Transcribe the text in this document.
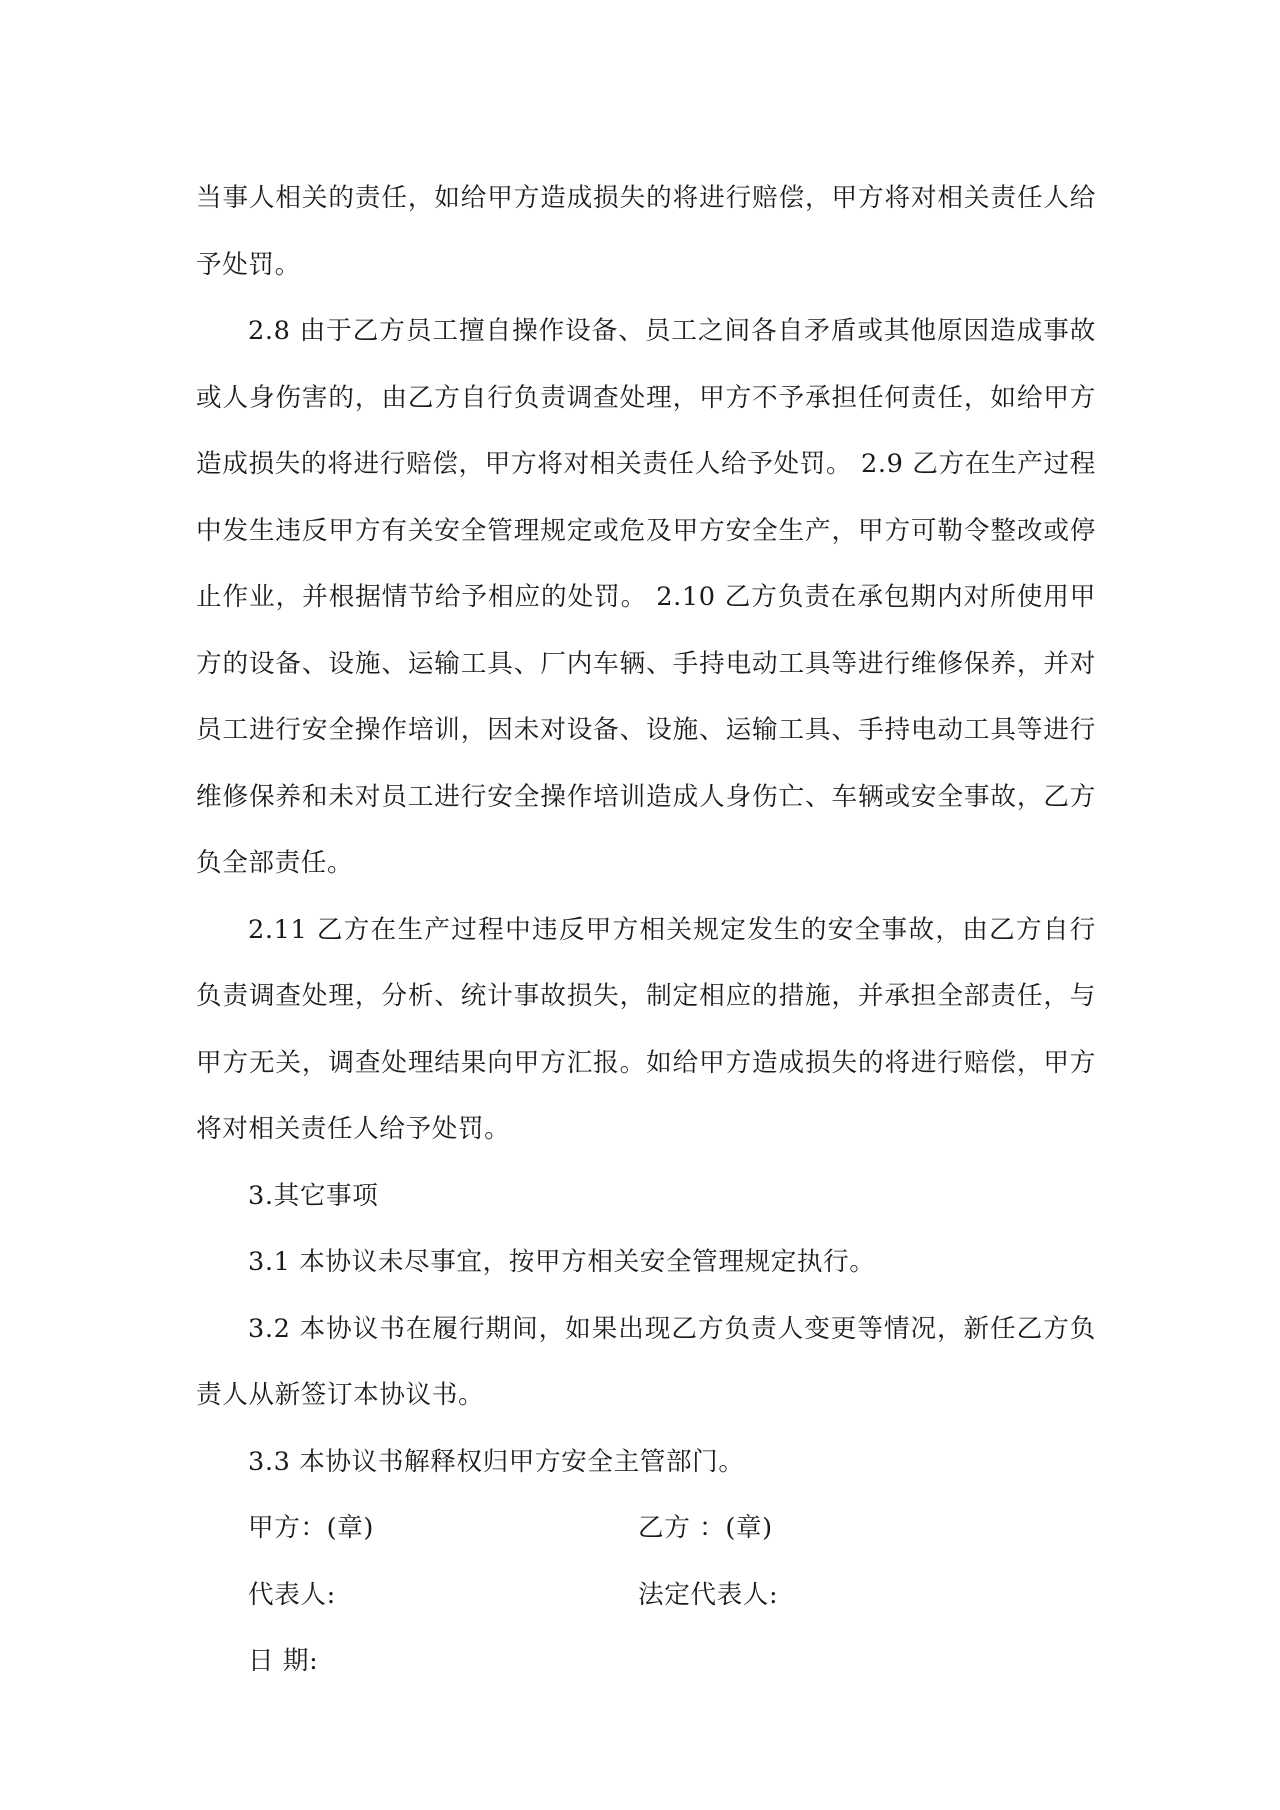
当事人相关的责任，如给甲方造成损失的将进行赔偿，甲方将对相关责任人给予处罚。

2.8 由于乙方员工擅自操作设备、员工之间各自矛盾或其他原因造成事故或人身伤害的，由乙方自行负责调查处理，甲方不予承担任何责任，如给甲方造成损失的将进行赔偿，甲方将对相关责任人给予处罚。 2.9 乙方在生产过程中发生违反甲方有关安全管理规定或危及甲方安全生产，甲方可勒令整改或停止作业，并根据情节给予相应的处罚。 2.10 乙方负责在承包期内对所使用甲方的设备、设施、运输工具、厂内车辆、手持电动工具等进行维修保养，并对员工进行安全操作培训，因未对设备、设施、运输工具、手持电动工具等进行维修保养和未对员工进行安全操作培训造成人身伤亡、车辆或安全事故，乙方负全部责任。

2.11 乙方在生产过程中违反甲方相关规定发生的安全事故，由乙方自行负责调查处理，分析、统计事故损失，制定相应的措施，并承担全部责任，与甲方无关，调查处理结果向甲方汇报。如给甲方造成损失的将进行赔偿，甲方将对相关责任人给予处罚。

3.其它事项

3.1 本协议未尽事宜，按甲方相关安全管理规定执行。

3.2 本协议书在履行期间，如果出现乙方负责人变更等情况，新任乙方负责人从新签订本协议书。

3.3 本协议书解释权归甲方安全主管部门。

甲方：(章)	乙方 ：(章)
代表人:	法定代表人:
日 期:
